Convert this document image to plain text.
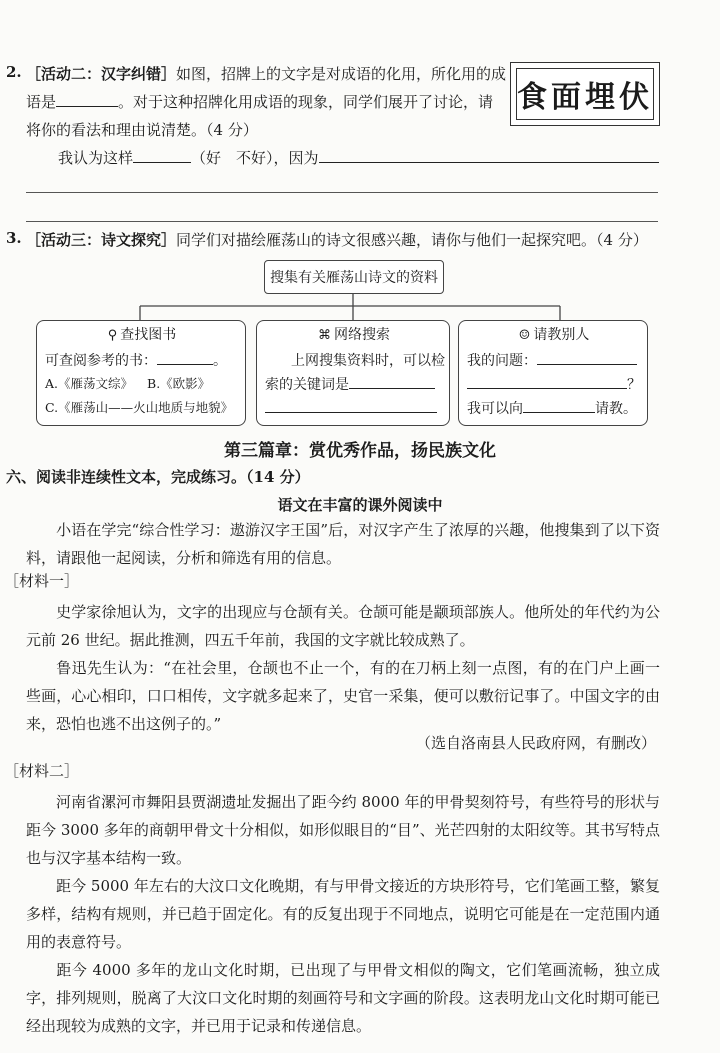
2. ［活动二：汉字纠错］如图，招牌上的文字是对成语的化用，所化用的成
语是	。对于这种招牌化用成语的现象，同学们展开了讨论，请
将你的看法和理由说清楚。（4 分）
我认为这样	（好　不好），因为
食面埋伏
3. ［活动三：诗文探究］同学们对描绘雁荡山的诗文很感兴趣，请你与他们一起探究吧。（4 分）
搜集有关雁荡山诗文的资料
⚲ 查找图书
可查阅参考的书：	。
A.《雁荡文综》 B.《欧影》
C.《雁荡山——火山地质与地貌》
⌘ 网络搜索
上网搜集资料时，可以检
索的关键词是
☺ 请教别人
我的问题：
？
我可以向	请教。
第三篇章：赏优秀作品，扬民族文化
六、阅读非连续性文本，完成练习。（14 分）
语文在丰富的课外阅读中
小语在学完“综合性学习：遨游汉字王国”后，对汉字产生了浓厚的兴趣，他搜集到了以下资料，请跟他一起阅读，分析和筛选有用的信息。
［材料一］
史学家徐旭认为，文字的出现应与仓颉有关。仓颉可能是颛顼部族人。他所处的年代约为公元前 26 世纪。据此推测，四五千年前，我国的文字就比较成熟了。
鲁迅先生认为：“在社会里，仓颉也不止一个，有的在刀柄上刻一点图，有的在门户上画一些画，心心相印，口口相传，文字就多起来了，史官一采集，便可以敷衍记事了。中国文字的由来，恐怕也逃不出这例子的。”
（选自洛南县人民政府网，有删改）
［材料二］
河南省漯河市舞阳县贾湖遗址发掘出了距今约 8000 年的甲骨契刻符号，有些符号的形状与距今 3000 多年的商朝甲骨文十分相似，如形似眼目的“目”、光芒四射的太阳纹等。其书写特点也与汉字基本结构一致。
距今 5000 年左右的大汶口文化晚期，有与甲骨文接近的方块形符号，它们笔画工整，繁复多样，结构有规则，并已趋于固定化。有的反复出现于不同地点，说明它可能是在一定范围内通用的表意符号。
距今 4000 多年的龙山文化时期，已出现了与甲骨文相似的陶文，它们笔画流畅，独立成字，排列规则，脱离了大汶口文化时期的刻画符号和文字画的阶段。这表明龙山文化时期可能已经出现较为成熟的文字，并已用于记录和传递信息。
